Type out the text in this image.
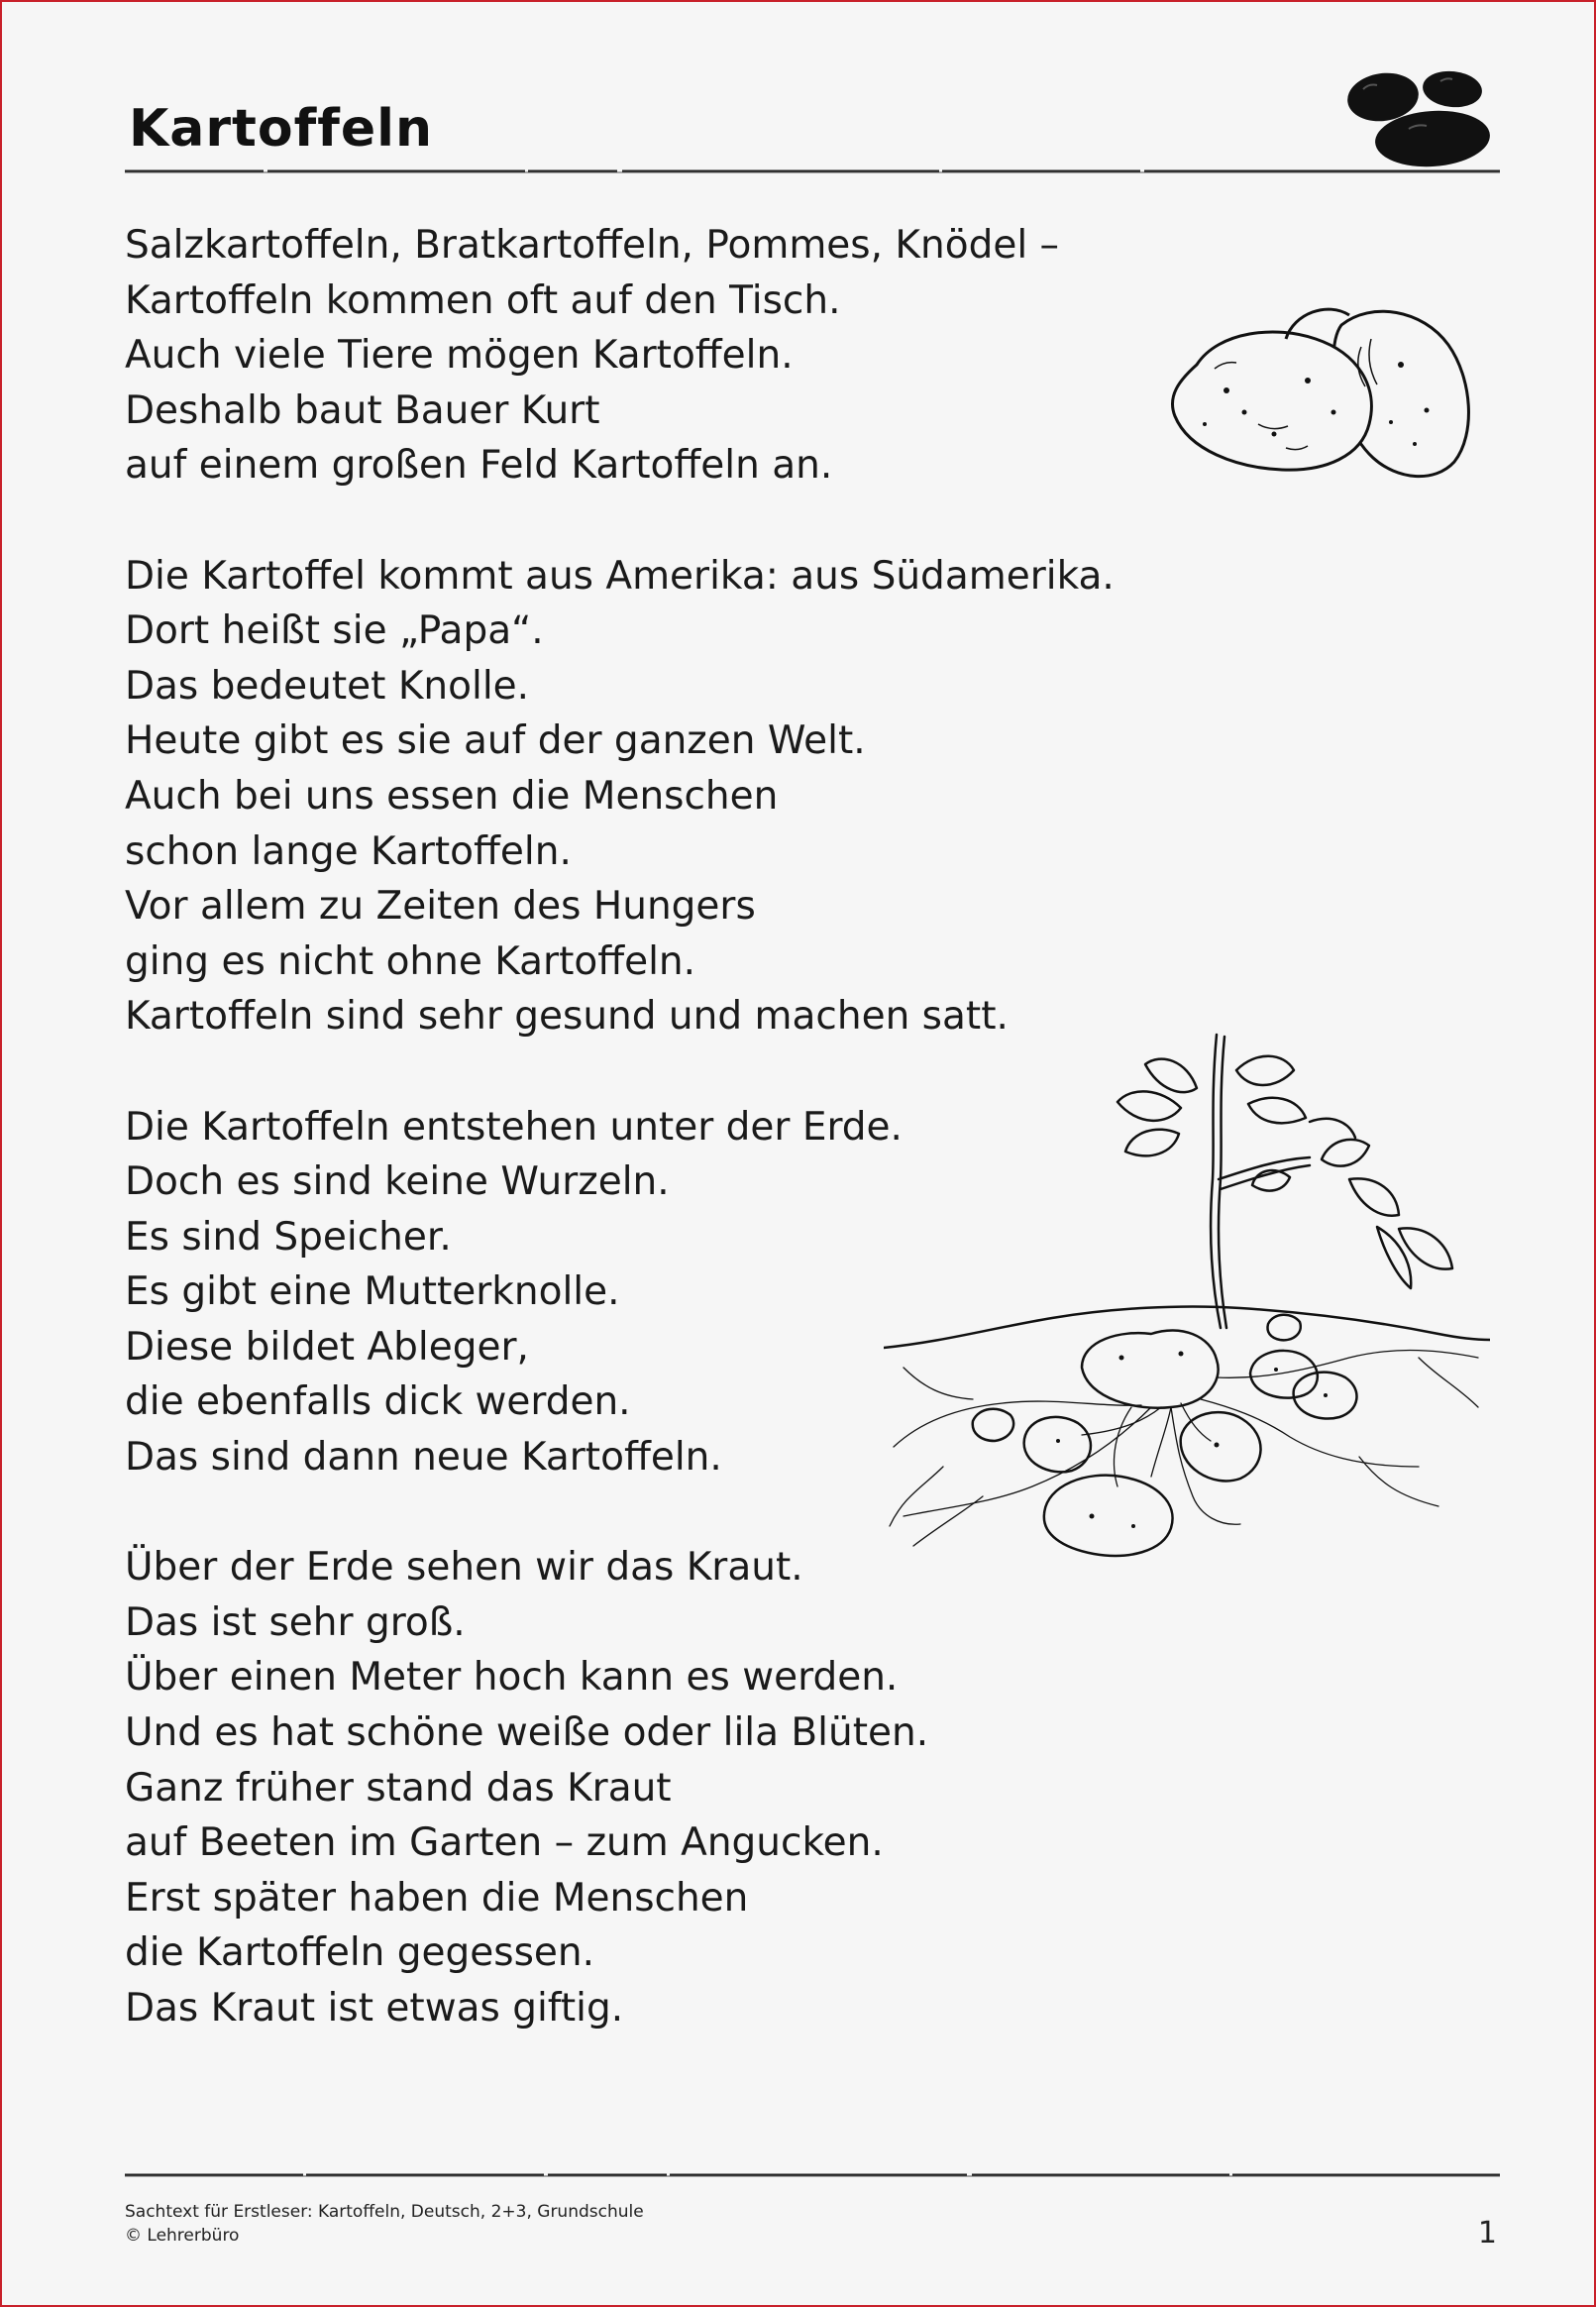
Kartoffeln

Salzkartoffeln, Bratkartoffeln, Pommes, Knödel –
Kartoffeln kommen oft auf den Tisch.
Auch viele Tiere mögen Kartoffeln.
Deshalb baut Bauer Kurt
auf einem großen Feld Kartoffeln an.

Die Kartoffel kommt aus Amerika: aus Südamerika.
Dort heißt sie „Papa“.
Das bedeutet Knolle.
Heute gibt es sie auf der ganzen Welt.
Auch bei uns essen die Menschen
schon lange Kartoffeln.
Vor allem zu Zeiten des Hungers
ging es nicht ohne Kartoffeln.
Kartoffeln sind sehr gesund und machen satt.

Die Kartoffeln entstehen unter der Erde.
Doch es sind keine Wurzeln.
Es sind Speicher.
Es gibt eine Mutterknolle.
Diese bildet Ableger,
die ebenfalls dick werden.
Das sind dann neue Kartoffeln.

Über der Erde sehen wir das Kraut.
Das ist sehr groß.
Über einen Meter hoch kann es werden.
Und es hat schöne weiße oder lila Blüten.
Ganz früher stand das Kraut
auf Beeten im Garten – zum Angucken.
Erst später haben die Menschen
die Kartoffeln gegessen.
Das Kraut ist etwas giftig.

Sachtext für Erstleser: Kartoffeln, Deutsch, 2+3, Grundschule
© Lehrerbüro	1
